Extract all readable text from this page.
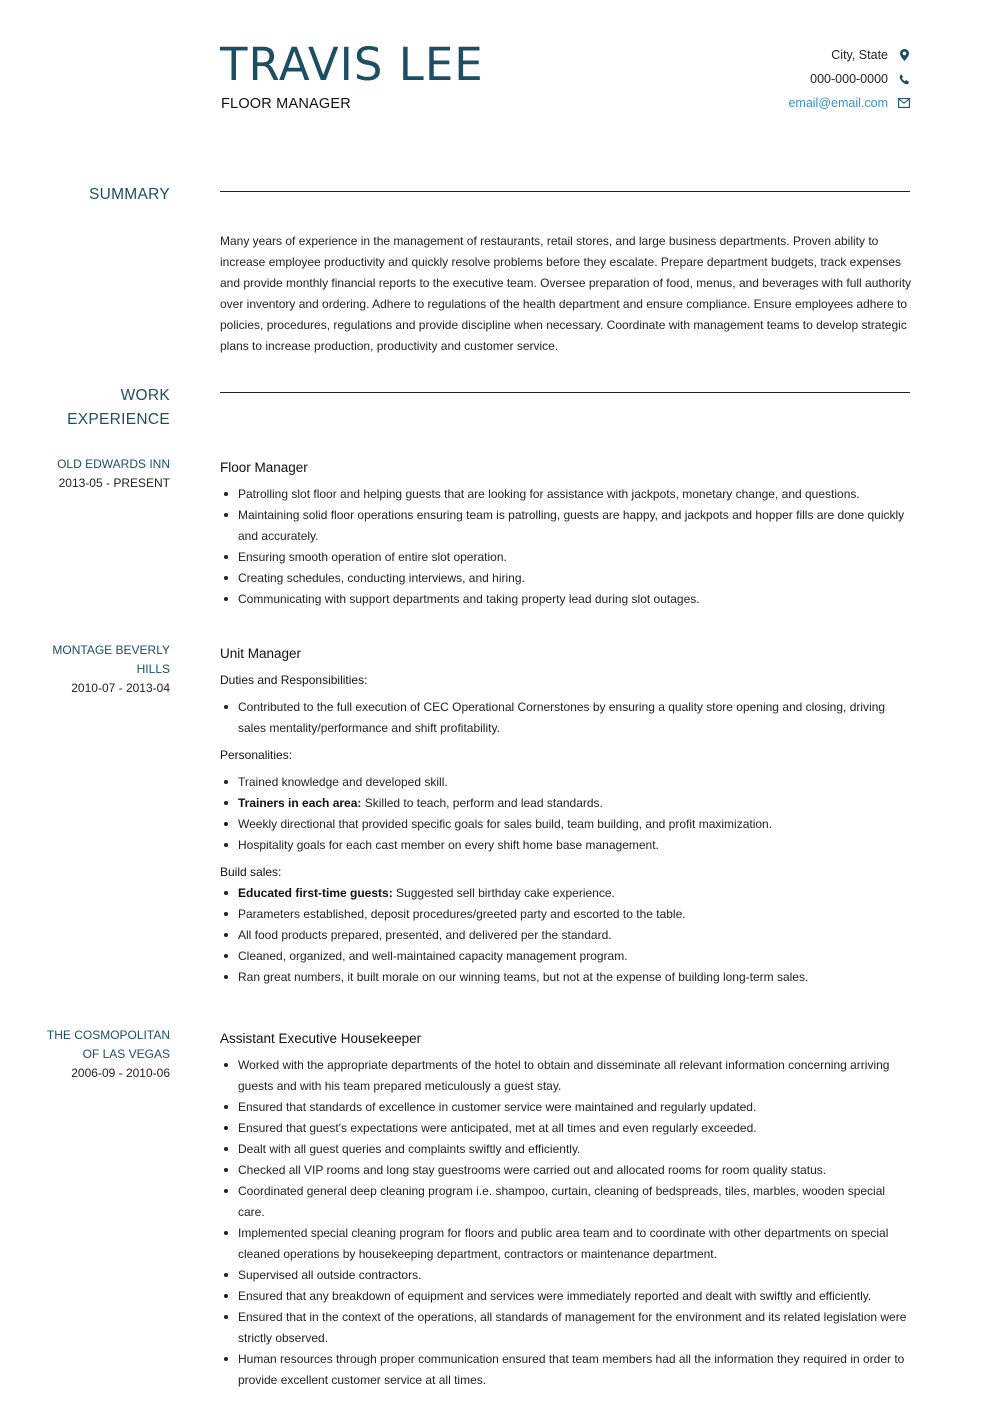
TRAVIS LEE
FLOOR MANAGER
City, State
000-000-0000
email@email.com
SUMMARY

Many years of experience in the management of restaurants, retail stores, and large business departments. Proven ability to increase employee productivity and quickly resolve problems before they escalate. Prepare department budgets, track expenses and provide monthly financial reports to the executive team. Oversee preparation of food, menus, and beverages with full authority over inventory and ordering. Adhere to regulations of the health department and ensure compliance. Ensure employees adhere to policies, procedures, regulations and provide discipline when necessary. Coordinate with management teams to develop strategic plans to increase production, productivity and customer service.

WORK
EXPERIENCE
OLD EDWARDS INN
2013-05 - PRESENT
Floor Manager
Patrolling slot floor and helping guests that are looking for assistance with jackpots, monetary change, and questions.
Maintaining solid floor operations ensuring team is patrolling, guests are happy, and jackpots and hopper fills are done quickly and accurately.
Ensuring smooth operation of entire slot operation.
Creating schedules, conducting interviews, and hiring.
Communicating with support departments and taking property lead during slot outages.
MONTAGE BEVERLY
HILLS
2010-07 - 2013-04
Unit Manager
Duties and Responsibilities:
Contributed to the full execution of CEC Operational Cornerstones by ensuring a quality store opening and closing, driving sales mentality/performance and shift profitability.
Personalities:
Trained knowledge and developed skill.
Trainers in each area: Skilled to teach, perform and lead standards.
Weekly directional that provided specific goals for sales build, team building, and profit maximization.
Hospitality goals for each cast member on every shift home base management.
Build sales:
Educated first-time guests: Suggested sell birthday cake experience.
Parameters established, deposit procedures/greeted party and escorted to the table.
All food products prepared, presented, and delivered per the standard.
Cleaned, organized, and well-maintained capacity management program.
Ran great numbers, it built morale on our winning teams, but not at the expense of building long-term sales.
THE COSMOPOLITAN
OF LAS VEGAS
2006-09 - 2010-06
Assistant Executive Housekeeper
Worked with the appropriate departments of the hotel to obtain and disseminate all relevant information concerning arriving guests and with his team prepared meticulously a guest stay.
Ensured that standards of excellence in customer service were maintained and regularly updated.
Ensured that guest's expectations were anticipated, met at all times and even regularly exceeded.
Dealt with all guest queries and complaints swiftly and efficiently.
Checked all VIP rooms and long stay guestrooms were carried out and allocated rooms for room quality status.
Coordinated general deep cleaning program i.e. shampoo, curtain, cleaning of bedspreads, tiles, marbles, wooden special care.
Implemented special cleaning program for floors and public area team and to coordinate with other departments on special cleaned operations by housekeeping department, contractors or maintenance department.
Supervised all outside contractors.
Ensured that any breakdown of equipment and services were immediately reported and dealt with swiftly and efficiently.
Ensured that in the context of the operations, all standards of management for the environment and its related legislation were strictly observed.
Human resources through proper communication ensured that team members had all the information they required in order to provide excellent customer service at all times.
